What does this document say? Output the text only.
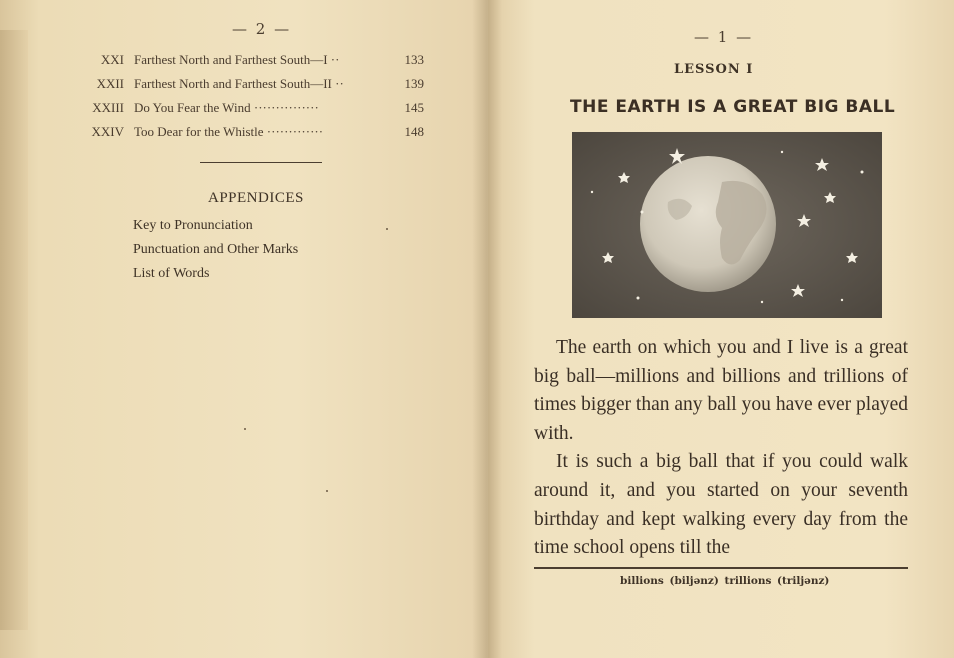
— 2 —
XXI Farthest North and Farthest South—I ··	133
XXII Farthest North and Farthest South—II ··	139
XXIII Do You Fear the Wind ···············	145
XXIV Too Dear for the Whistle ·············	148
APPENDICES
Key to Pronunciation
Punctuation and Other Marks
List of Words
— 1 —
LESSON I
THE EARTH IS A GREAT BIG BALL

The earth on which you and I live is a great big ball—millions and billions and trillions of times bigger than any ball you have ever played with.

It is such a big ball that if you could walk around it, and you started on your seventh birthday and kept walking every day from the time school opens till the

billions (biljənz) trillions (triljənz)
